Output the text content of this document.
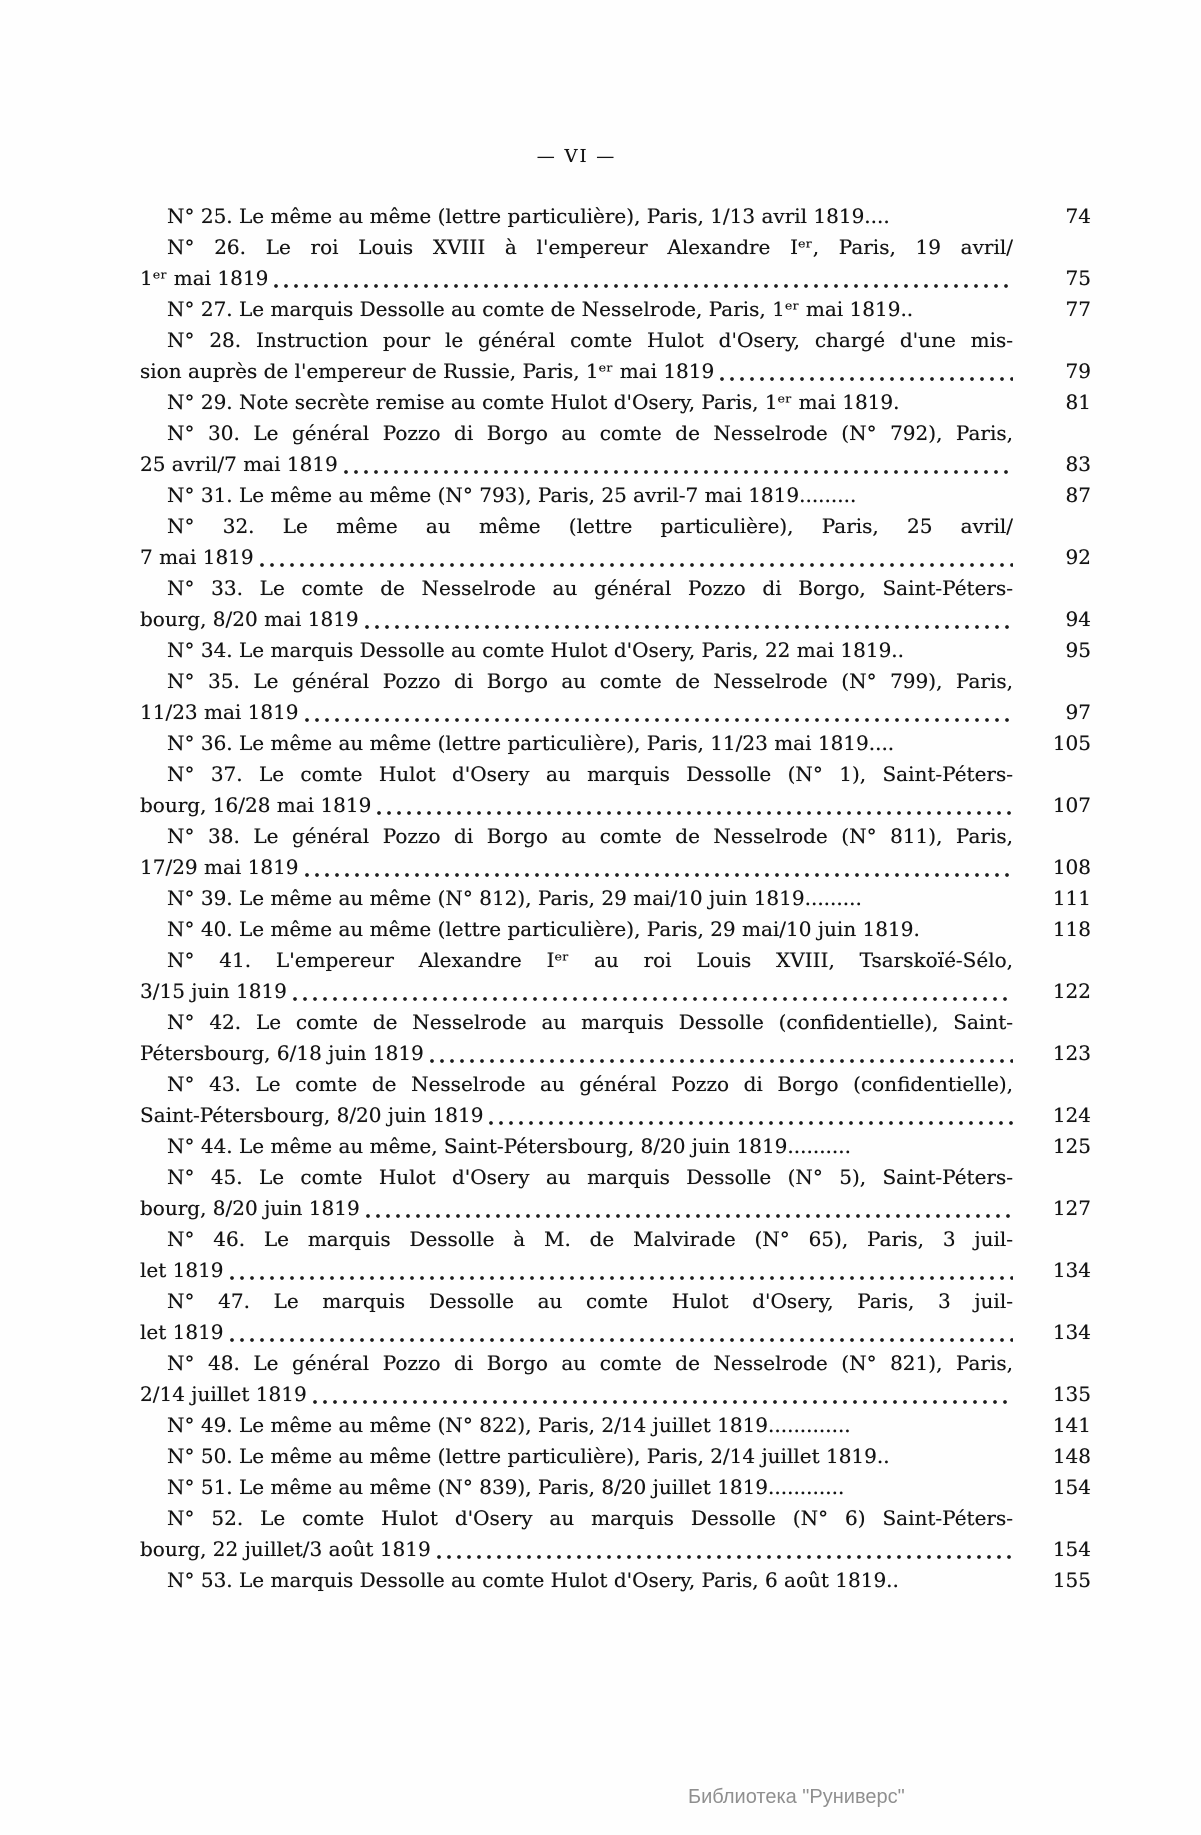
— VI —
N° 25. Le même au même (lettre particulière), Paris, 1/13 avril 1819....	74
N° 26. Le roi Louis XVIII à l'empereur Alexandre Iᵉʳ, Paris, 19 avril/
1ᵉʳ mai 1819	75
N° 27. Le marquis Dessolle au comte de Nesselrode, Paris, 1ᵉʳ mai 1819..	77
N° 28. Instruction pour le général comte Hulot d'Osery, chargé d'une mis-
sion auprès de l'empereur de Russie, Paris, 1ᵉʳ mai 1819	79
N° 29. Note secrète remise au comte Hulot d'Osery, Paris, 1ᵉʳ mai 1819.	81
N° 30. Le général Pozzo di Borgo au comte de Nesselrode (N° 792), Paris,
25 avril/7 mai 1819	83
N° 31. Le même au même (N° 793), Paris, 25 avril-7 mai 1819.........	87
N° 32. Le même au même (lettre particulière), Paris, 25 avril/
7 mai 1819	92
N° 33. Le comte de Nesselrode au général Pozzo di Borgo, Saint-Péters-
bourg, 8/20 mai 1819	94
N° 34. Le marquis Dessolle au comte Hulot d'Osery, Paris, 22 mai 1819..	95
N° 35. Le général Pozzo di Borgo au comte de Nesselrode (N° 799), Paris,
11/23 mai 1819	97
N° 36. Le même au même (lettre particulière), Paris, 11/23 mai 1819....	105
N° 37. Le comte Hulot d'Osery au marquis Dessolle (N° 1), Saint-Péters-
bourg, 16/28 mai 1819	107
N° 38. Le général Pozzo di Borgo au comte de Nesselrode (N° 811), Paris,
17/29 mai 1819	108
N° 39. Le même au même (N° 812), Paris, 29 mai/10 juin 1819.........	111
N° 40. Le même au même (lettre particulière), Paris, 29 mai/10 juin 1819.	118
N° 41. L'empereur Alexandre Iᵉʳ au roi Louis XVIII, Tsarskoïé-Sélo,
3/15 juin 1819	122
N° 42. Le comte de Nesselrode au marquis Dessolle (confidentielle), Saint-
Pétersbourg, 6/18 juin 1819	123
N° 43. Le comte de Nesselrode au général Pozzo di Borgo (confidentielle),
Saint-Pétersbourg, 8/20 juin 1819	124
N° 44. Le même au même, Saint-Pétersbourg, 8/20 juin 1819..........	125
N° 45. Le comte Hulot d'Osery au marquis Dessolle (N° 5), Saint-Péters-
bourg, 8/20 juin 1819	127
N° 46. Le marquis Dessolle à M. de Malvirade (N° 65), Paris, 3 juil-
let 1819	134
N° 47. Le marquis Dessolle au comte Hulot d'Osery, Paris, 3 juil-
let 1819	134
N° 48. Le général Pozzo di Borgo au comte de Nesselrode (N° 821), Paris,
2/14 juillet 1819	135
N° 49. Le même au même (N° 822), Paris, 2/14 juillet 1819.............	141
N° 50. Le même au même (lettre particulière), Paris, 2/14 juillet 1819..	148
N° 51. Le même au même (N° 839), Paris, 8/20 juillet 1819............	154
N° 52. Le comte Hulot d'Osery au marquis Dessolle (N° 6) Saint-Péters-
bourg, 22 juillet/3 août 1819	154
N° 53. Le marquis Dessolle au comte Hulot d'Osery, Paris, 6 août 1819..	155
Библиотека "Руниверс"
